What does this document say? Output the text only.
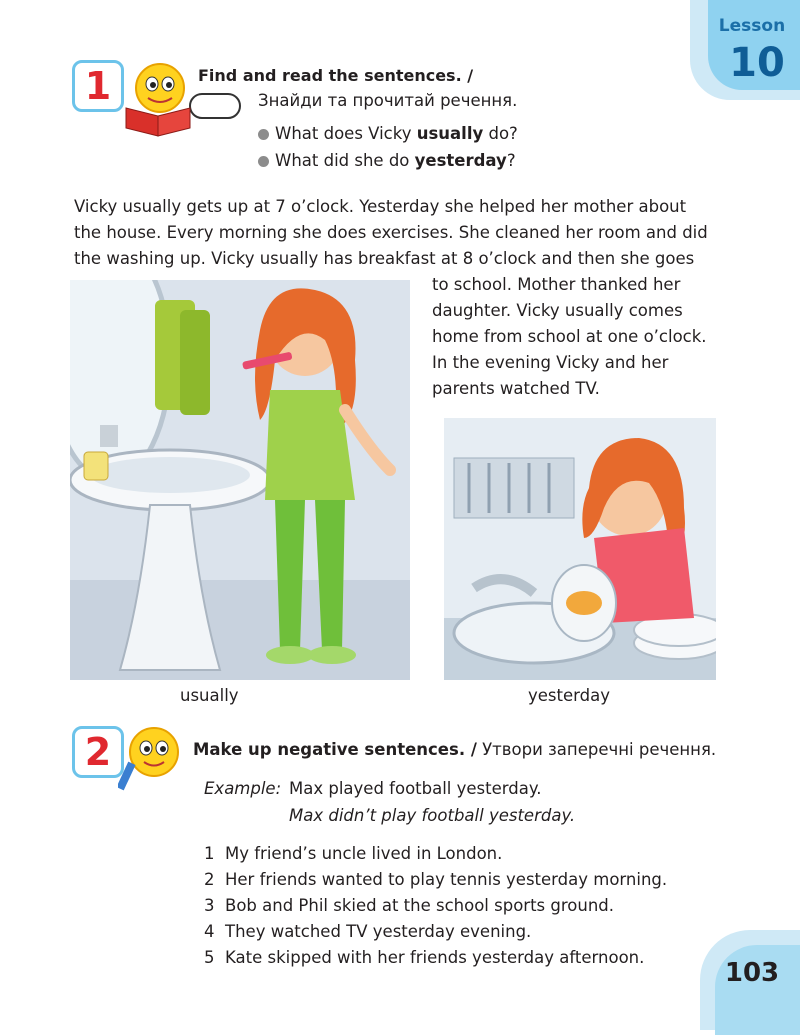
Lesson
10
1	Find and read the sentences. /
Знайди та прочитай речення.
What does Vicky usually do?
What did she do yesterday?
Vicky usually gets up at 7 o’clock. Yesterday she helped her mother about
the house. Every morning she does exercises. She cleaned her room and did
the washing up. Vicky usually has breakfast at 8 o’clock and then she goes
to school. Mother thanked her
daughter. Vicky usually comes
home from school at one o’clock.
In the evening Vicky and her
parents watched TV.
usually	yesterday
2	Make up negative sentences. / Утвори заперечні речення.
Example: Max played football yesterday.
Max didn’t play football yesterday.
1 My friend’s uncle lived in London.
2 Her friends wanted to play tennis yesterday morning.
3 Bob and Phil skied at the school sports ground.
4 They watched TV yesterday evening.
5 Kate skipped with her friends yesterday afternoon.
103
